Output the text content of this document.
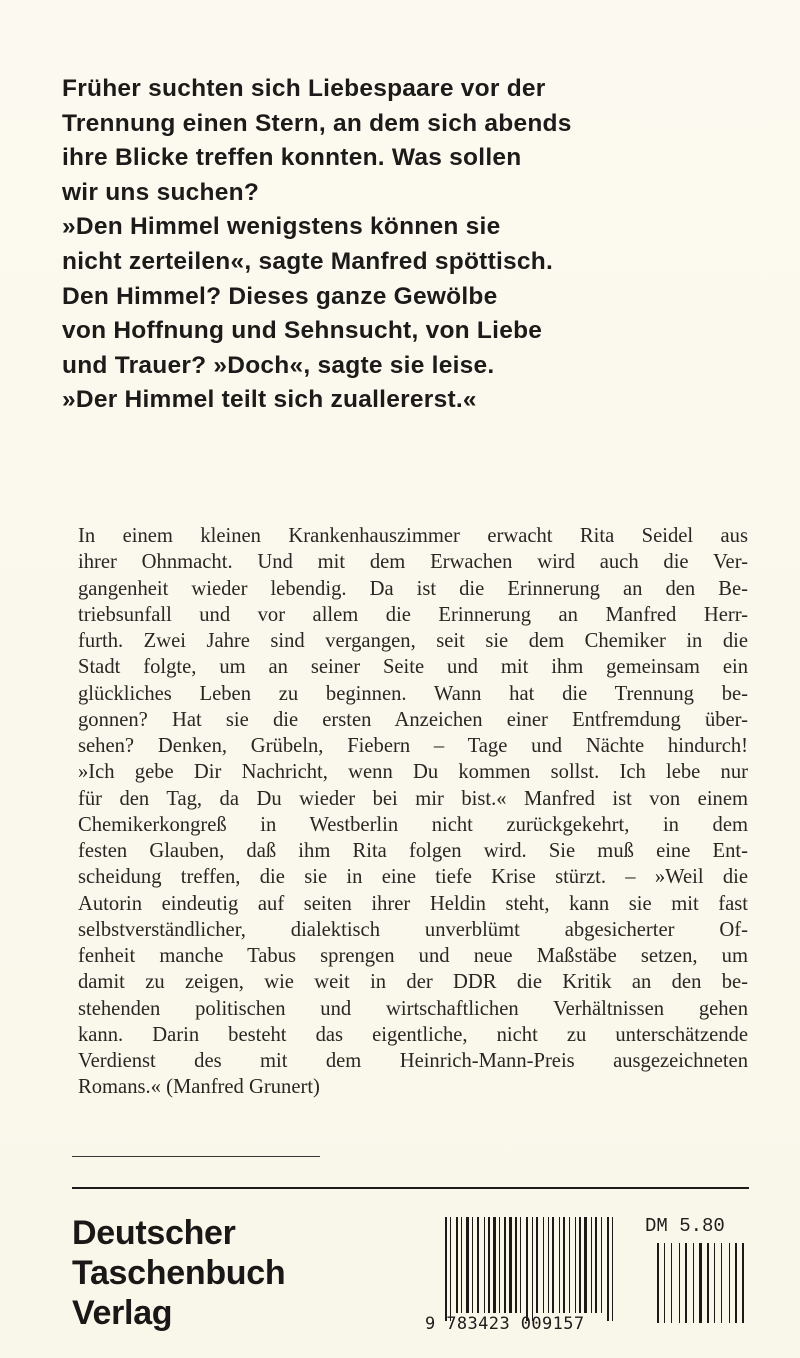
Früher suchten sich Liebespaare vor der
Trennung einen Stern, an dem sich abends
ihre Blicke treffen konnten. Was sollen
wir uns suchen?
»Den Himmel wenigstens können sie
nicht zerteilen«, sagte Manfred spöttisch.
Den Himmel? Dieses ganze Gewölbe
von Hoffnung und Sehnsucht, von Liebe
und Trauer? »Doch«, sagte sie leise.
»Der Himmel teilt sich zuallererst.«
In einem kleinen Krankenhauszimmer erwacht Rita Seidel aus
ihrer Ohnmacht. Und mit dem Erwachen wird auch die Ver-
gangenheit wieder lebendig. Da ist die Erinnerung an den Be-
triebsunfall und vor allem die Erinnerung an Manfred Herr-
furth. Zwei Jahre sind vergangen, seit sie dem Chemiker in die
Stadt folgte, um an seiner Seite und mit ihm gemeinsam ein
glückliches Leben zu beginnen. Wann hat die Trennung be-
gonnen? Hat sie die ersten Anzeichen einer Entfremdung über-
sehen? Denken, Grübeln, Fiebern – Tage und Nächte hindurch!
»Ich gebe Dir Nachricht, wenn Du kommen sollst. Ich lebe nur
für den Tag, da Du wieder bei mir bist.« Manfred ist von einem
Chemikerkongreß in Westberlin nicht zurückgekehrt, in dem
festen Glauben, daß ihm Rita folgen wird. Sie muß eine Ent-
scheidung treffen, die sie in eine tiefe Krise stürzt. – »Weil die
Autorin eindeutig auf seiten ihrer Heldin steht, kann sie mit fast
selbstverständlicher, dialektisch unverblümt abgesicherter Of-
fenheit manche Tabus sprengen und neue Maßstäbe setzen, um
damit zu zeigen, wie weit in der DDR die Kritik an den be-
stehenden politischen und wirtschaftlichen Verhältnissen gehen
kann. Darin besteht das eigentliche, nicht zu unterschätzende
Verdienst des mit dem Heinrich-Mann-Preis ausgezeichneten
Romans.« (Manfred Grunert)
Deutscher
Taschenbuch
Verlag
DM 5.80
9 783423 009157
